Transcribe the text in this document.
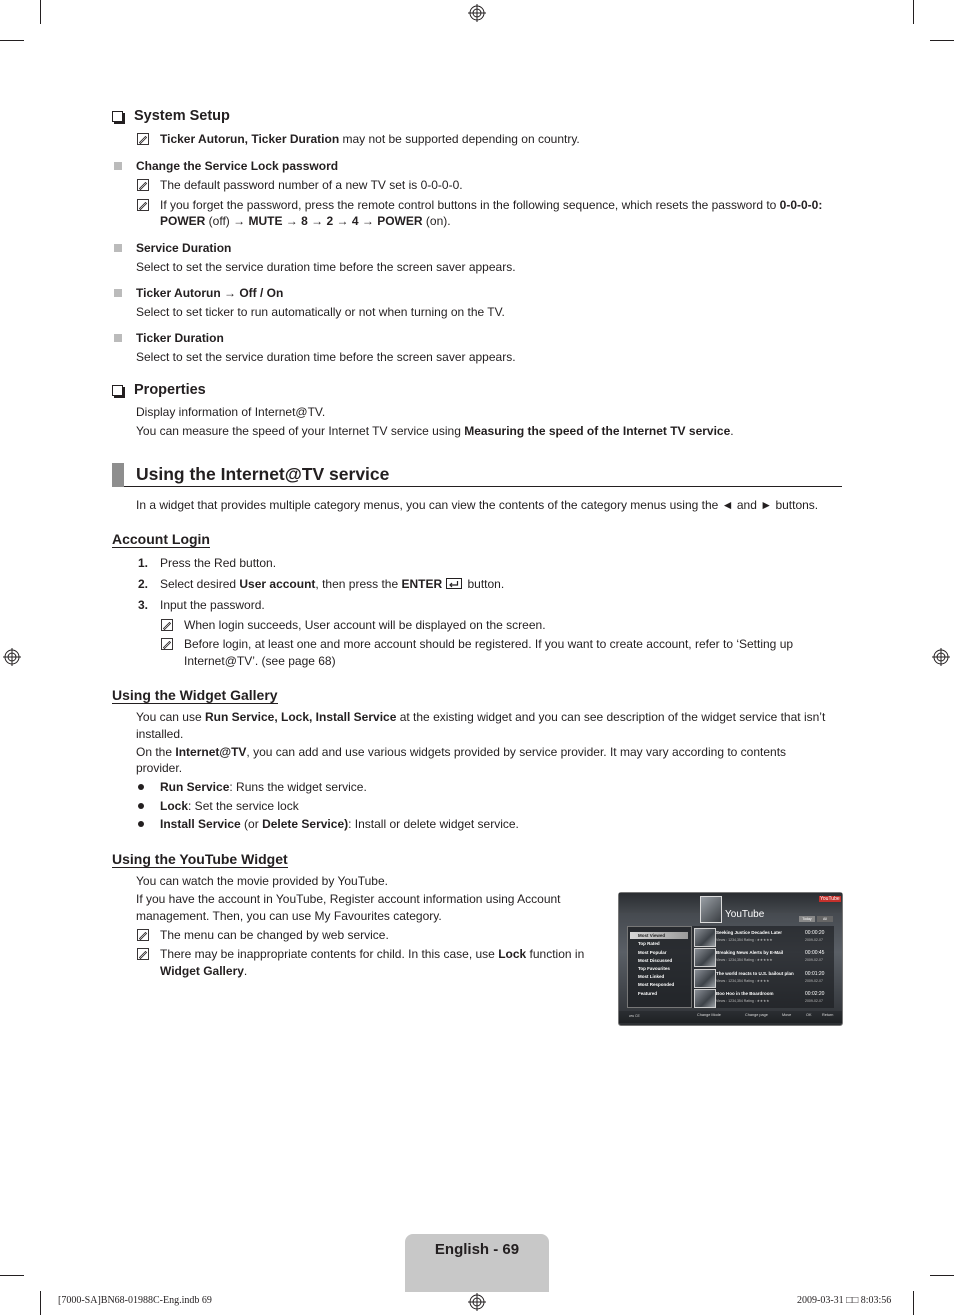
System Setup
Ticker Autorun, Ticker Duration may not be supported depending on country.
Change the Service Lock password
The default password number of a new TV set is 0-0-0-0.
If you forget the password, press the remote control buttons in the following sequence, which resets the password to 0-0-0-0:
POWER (off) → MUTE → 8 → 2 → 4 → POWER (on).
Service Duration
Select to set the service duration time before the screen saver appears.
Ticker Autorun → Off / On
Select to set ticker to run automatically or not when turning on the TV.
Ticker Duration
Select to set the service duration time before the screen saver appears.
Properties
Display information of Internet@TV.
You can measure the speed of your Internet TV service using Measuring the speed of the Internet TV service.
Using the Internet@TV service
In a widget that provides multiple category menus, you can view the contents of the category menus using the ◄ and ► buttons.
Account Login
1. Press the Red button.
2. Select desired User account, then press the ENTER button.
3. Input the password.
When login succeeds, User account will be displayed on the screen.
Before login, at least one and more account should be registered. If you want to create account, refer to ‘Setting up
Internet@TV’. (see page 68)
Using the Widget Gallery
You can use Run Service, Lock, Install Service at the existing widget and you can see description of the widget service that isn’t
installed.
On the Internet@TV, you can add and use various widgets provided by service provider. It may vary according to contents
provider.
Run Service: Runs the widget service.
Lock: Set the service lock
Install Service (or Delete Service): Install or delete widget service.
Using the YouTube Widget
You can watch the movie provided by YouTube.
If you have the account in YouTube, Register account information using Account
management. Then, you can use My Favourites category.
The menu can be changed by web service.
There may be inappropriate contents for child. In this case, use Lock function in
Widget Gallery.
YouTube
YouTube
Today	All
Most Viewed
Top Rated
Most Popular
Most Discussed
Top Favourites
Most Linked
Most Responded
Featured
Seeking Justice Decades Later
Views : 1234,354 Rating : ★★★★★
00:00:20
2009-02-07
Breaking News Alerts by E-Mail
Views : 1234,354 Rating : ★★★★★
00:00:45
2009-02-07
The world reacts to U.S. bailout plan
Views : 1234,354 Rating : ★★★★
00:01:20
2009-02-07
Boo Hoo in the Boardroom
Views : 1234,354 Rating : ★★★★
00:02:20
2009-02-07
ww CE	Change Mode	Change page	Move	OK	Return
English - 69
[7000-SA]BN68-01988C-Eng.indb 69	2009-03-31 □□ 8:03:56
